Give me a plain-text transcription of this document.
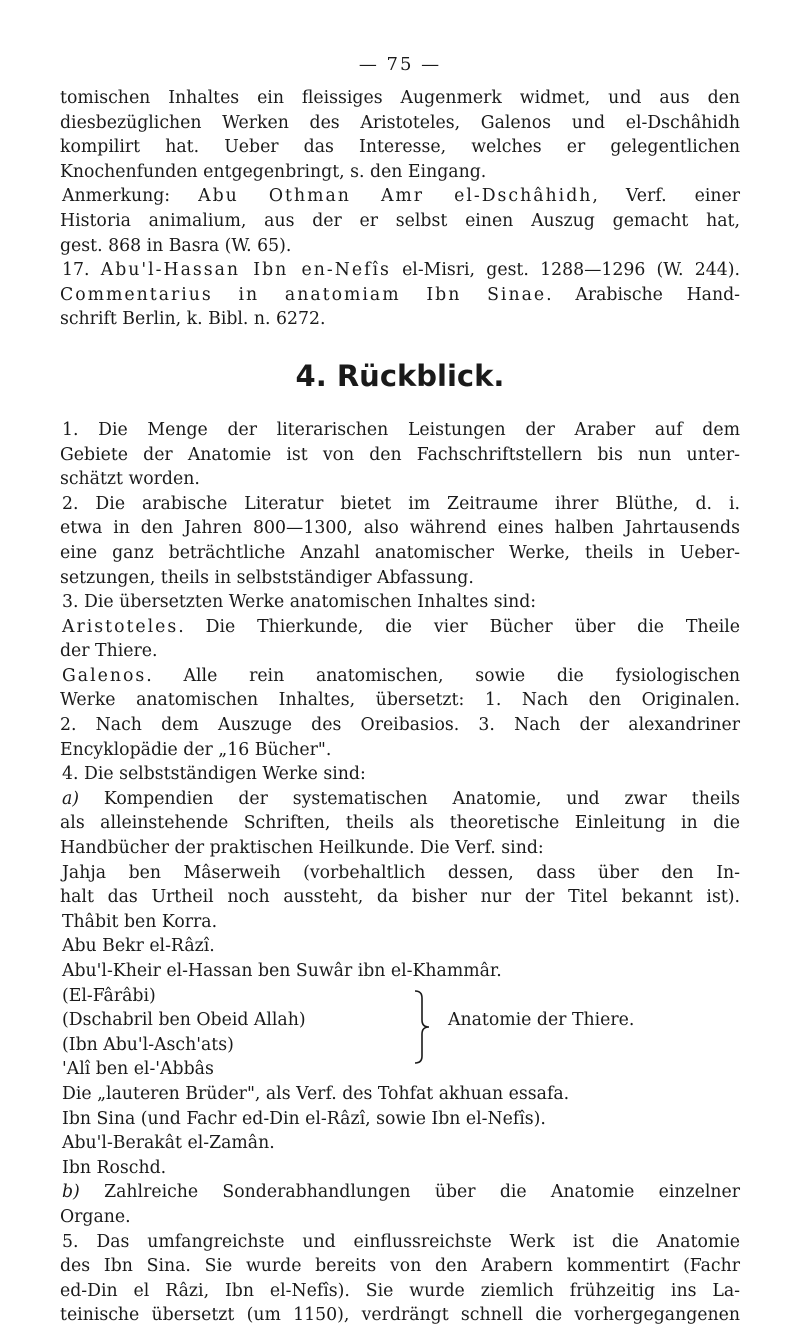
— 75 —

tomischen Inhaltes ein fleissiges Augenmerk widmet, und aus den

diesbezüglichen Werken des Aristoteles, Galenos und el-Dschâhidh

kompilirt hat. Ueber das Interesse, welches er gelegentlichen

Knochenfunden entgegenbringt, s. den Eingang.

Anmerkung: Abu Othman Amr el-Dschâhidh, Verf. einer

Historia animalium, aus der er selbst einen Auszug gemacht hat,

gest. 868 in Basra (W. 65).

17. Abu'l-Hassan Ibn en-Nefîs el-Misri, gest. 1288—1296 (W. 244).

Commentarius in anatomiam Ibn Sinae. Arabische Hand-

schrift Berlin, k. Bibl. n. 6272.

4. Rückblick.

1. Die Menge der literarischen Leistungen der Araber auf dem

Gebiete der Anatomie ist von den Fachschriftstellern bis nun unter-

schätzt worden.

2. Die arabische Literatur bietet im Zeitraume ihrer Blüthe, d. i.

etwa in den Jahren 800—1300, also während eines halben Jahrtausends

eine ganz beträchtliche Anzahl anatomischer Werke, theils in Ueber-

setzungen, theils in selbstständiger Abfassung.

3. Die übersetzten Werke anatomischen Inhaltes sind:

Aristoteles. Die Thierkunde, die vier Bücher über die Theile

der Thiere.

Galenos. Alle rein anatomischen, sowie die fysiologischen

Werke anatomischen Inhaltes, übersetzt: 1. Nach den Originalen.

2. Nach dem Auszuge des Oreibasios. 3. Nach der alexandriner

Encyklopädie der „16 Bücher".

4. Die selbstständigen Werke sind:

a) Kompendien der systematischen Anatomie, und zwar theils

als alleinstehende Schriften, theils als theoretische Einleitung in die

Handbücher der praktischen Heilkunde. Die Verf. sind:

Jahja ben Mâserweih (vorbehaltlich dessen, dass über den In-

halt das Urtheil noch aussteht, da bisher nur der Titel bekannt ist).

Thâbit ben Korra.

Abu Bekr el-Râzî.

Abu'l-Kheir el-Hassan ben Suwâr ibn el-Khammâr.

(El-Fârâbi)

(Dschabril ben Obeid Allah)

(Ibn Abu'l-Asch'ats)

'Alî ben el-'Abbâs

Anatomie der Thiere.

Die „lauteren Brüder", als Verf. des Tohfat akhuan essafa.

Ibn Sina (und Fachr ed-Din el-Râzî, sowie Ibn el-Nefîs).

Abu'l-Berakât el-Zamân.

Ibn Roschd.

b) Zahlreiche Sonderabhandlungen über die Anatomie einzelner

Organe.

5. Das umfangreichste und einflussreichste Werk ist die Anatomie

des Ibn Sina. Sie wurde bereits von den Arabern kommentirt (Fachr

ed-Din el Râzi, Ibn el-Nefîs). Sie wurde ziemlich frühzeitig ins La-

teinische übersetzt (um 1150), verdrängt schnell die vorhergegangenen
